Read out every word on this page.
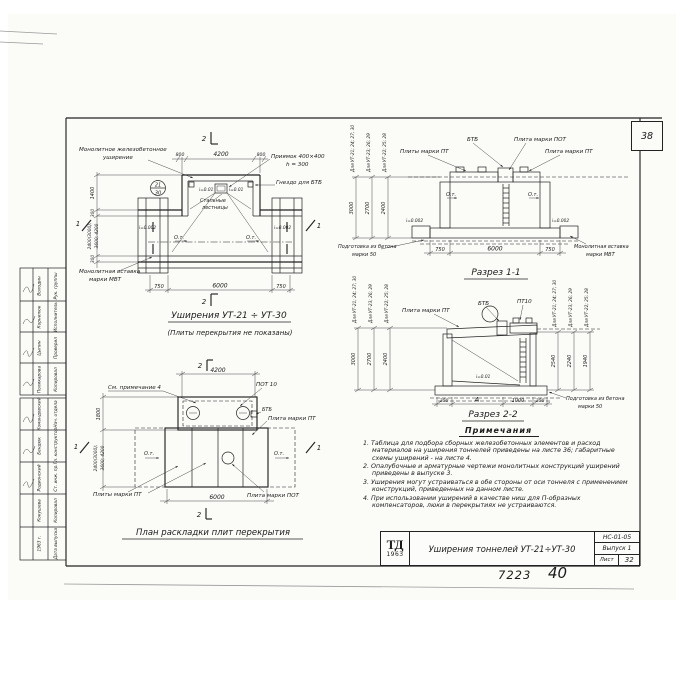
Рук. группы
Володин
Исполнитель
Корнилюк
Проверил
Цыпин
Копировал
Поликарова
Нач. отдела
Командовский
Гл. конструктор
Бендюк
Ст. инж. пр.
Родионский
Копировал
Кокушева
Дата выпуска
1963 г.
i=0.01	i=0.01
Стальные
лестницы
О.т.	О.т.
i=0.002	i=0.002
21
30
800	4200	800
1400
300
2400(3000); 3600; 4200
300
750	6000	750
2
2
1	1
Монолитное железобетонное
уширение	Приямок 400×400
h = 300
Гнездо для БТБ
Монолитная вставка
марки МВТ
Уширения УТ-21 ÷ УТ-30
(Плиты перекрытия не показаны)
О.т.	О.т.
i=0.002	i=0.002
Для УТ-21; 24; 27; 30	Для УТ-23; 26; 29	Для УТ-22; 25; 28
3000 2700 2400
БТБ	Плита марки ПОТ
Плиты марки ПТ	Плита марки ПТ
Подготовка из бетона
марки 50
Монолитная вставка
марки МВТ
750	6000	750
Разрез 1-1
i=0.01
Для УТ-21; 24; 27; 30	Для УТ-23; 26; 29	Для УТ-22; 25; 28
3000 2700 2400
Для УТ-21; 24; 27; 30	Для УТ-23; 26; 29	Для УТ-22; 25; 28
2540 2240 1940
Плита марки ПТ
БТБ	ПТ10
Подготовка из бетона
марки 50
200	А	1000 200
Разрез 2-2
2
4200
О.т.	О.т.
1	1
1800
2400(3000); 3600; 4200
6000
См. примечание 4	ПОТ 10
БТБ
Плита марки ПТ
Плиты марки ПТ	Плита марки ПОТ
2
План раскладки плит перекрытия
Примечания
1. Таблица для подбора сборных железобетонных элементов и расход материалов на уширения тоннелей приведены на листе 36; габаритные схемы уширений - на листе 4.
2. Опалубочные и арматурные чертежи монолитных конструкций уширений приведены в выпуске 3.
3. Уширения могут устраиваться в обе стороны от оси тоннеля с применением конструкций, приведенных на данном листе.
4. При использовании уширений в качестве ниш для П-образных компенсаторов, люки в перекрытиях не устраиваются.
ТД
1963
Уширения тоннелей УТ-21÷УТ-30
НС-01-05
Выпуск 1
Лист	32
38
7223 40
